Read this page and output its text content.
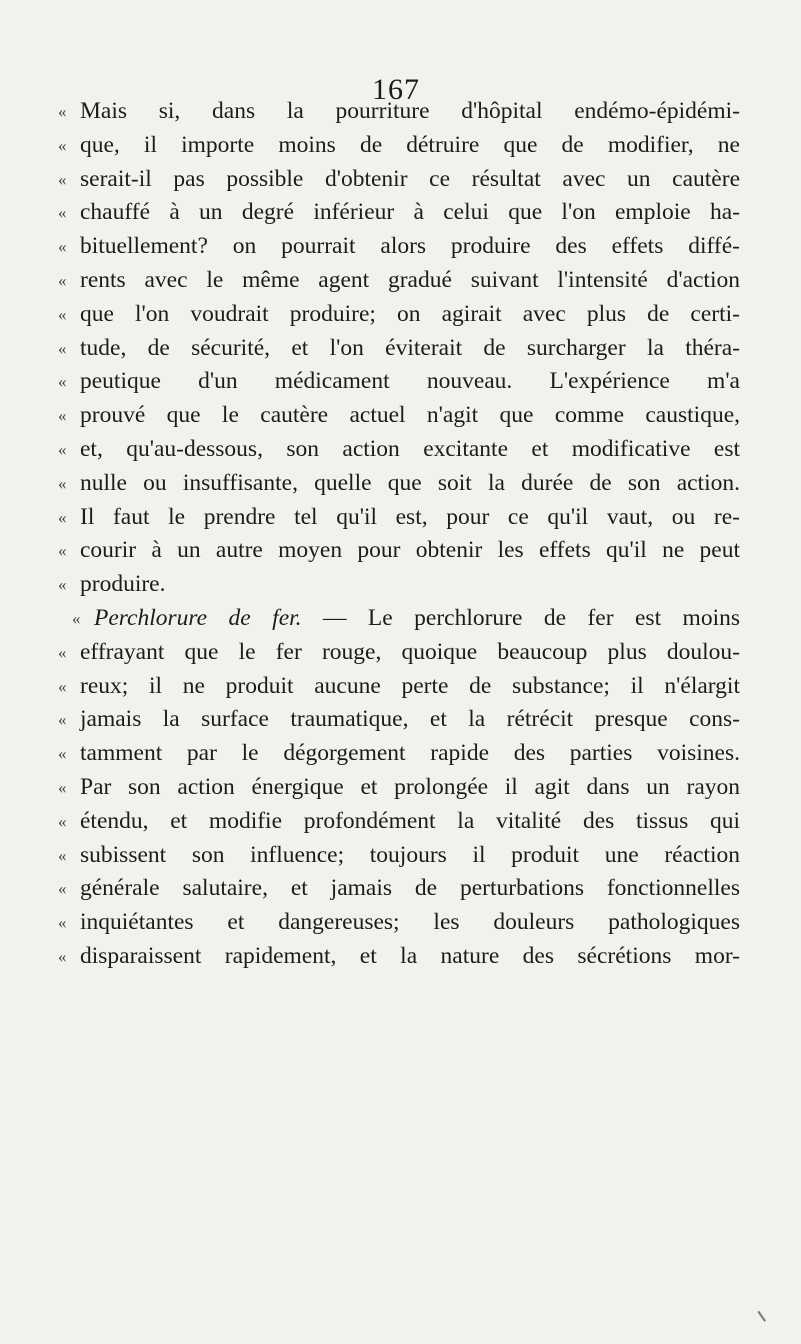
167
« Mais si, dans la pourriture d'hôpital endémo-épidémi-
« que, il importe moins de détruire que de modifier, ne
« serait-il pas possible d'obtenir ce résultat avec un cautère
« chauffé à un degré inférieur à celui que l'on emploie ha-
« bituellement? on pourrait alors produire des effets diffé-
« rents avec le même agent gradué suivant l'intensité d'action
« que l'on voudrait produire; on agirait avec plus de certi-
« tude, de sécurité, et l'on éviterait de surcharger la théra-
« peutique d'un médicament nouveau. L'expérience m'a
« prouvé que le cautère actuel n'agit que comme caustique,
« et, qu'au-dessous, son action excitante et modificative est
« nulle ou insuffisante, quelle que soit la durée de son action.
« Il faut le prendre tel qu'il est, pour ce qu'il vaut, ou re-
« courir à un autre moyen pour obtenir les effets qu'il ne peut
« produire.
« Perchlorure de fer. — Le perchlorure de fer est moins
« effrayant que le fer rouge, quoique beaucoup plus doulou-
« reux; il ne produit aucune perte de substance; il n'élargit
« jamais la surface traumatique, et la rétrécit presque cons-
« tamment par le dégorgement rapide des parties voisines.
« Par son action énergique et prolongée il agit dans un rayon
« étendu, et modifie profondément la vitalité des tissus qui
« subissent son influence; toujours il produit une réaction
« générale salutaire, et jamais de perturbations fonctionnelles
« inquiétantes et dangereuses; les douleurs pathologiques
« disparaissent rapidement, et la nature des sécrétions mor-
